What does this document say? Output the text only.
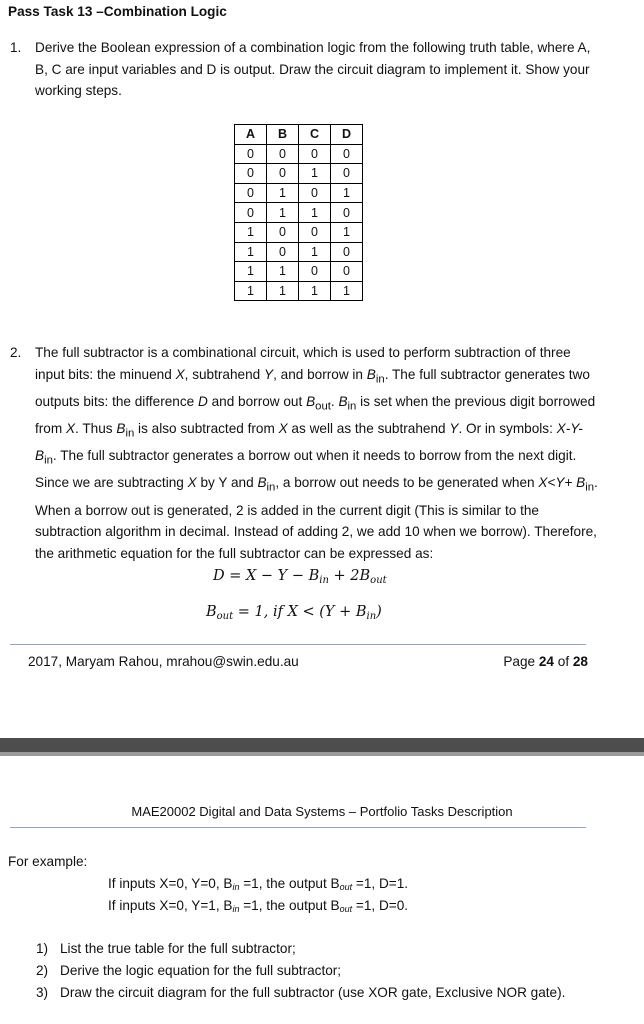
Pass Task 13 –Combination Logic
1. Derive the Boolean expression of a combination logic from the following truth table, where A, B, C are input variables and D is output. Draw the circuit diagram to implement it. Show your working steps.
A	B	C	D
0	0	0	0
0	0	1	0
0	1	0	1
0	1	1	0
1	0	0	1
1	0	1	0
1	1	0	0
1	1	1	1
2. The full subtractor is a combinational circuit, which is used to perform subtraction of three input bits: the minuend X, subtrahend Y, and borrow in $B_{in}$. The full subtractor generates two outputs bits: the difference D and borrow out $B_{out}$. $B_{in}$ is set when the previous digit borrowed from X. Thus $B_{in}$ is also subtracted from X as well as the subtrahend Y. Or in symbols: X-Y- $B_{in}$. The full subtractor generates a borrow out when it needs to borrow from the next digit. Since we are subtracting X by Y and $B_{in}$, a borrow out needs to be generated when $X<Y+ B_{in}$. When a borrow out is generated, 2 is added in the current digit (This is similar to the subtraction algorithm in decimal. Instead of adding 2, we add 10 when we borrow). Therefore, the arithmetic equation for the full subtractor can be expressed as:
$D = X - Y - B_{in} + 2B_{out}$
$B_{out} = 1$, if $X < (Y + B_{in})$
2017, Maryam Rahou, mrahou@swin.edu.au	Page 24 of 28
MAE20002 Digital and Data Systems – Portfolio Tasks Description
For example:
If inputs X=0, Y=0, $B_{in} =1$, the output $B_{out} =1$, D=1.
If inputs X=0, Y=1, $B_{in} =1$, the output $B_{out} =1$, D=0.
1) List the true table for the full subtractor;
2) Derive the logic equation for the full subtractor;
3) Draw the circuit diagram for the full subtractor (use XOR gate, Exclusive NOR gate).
